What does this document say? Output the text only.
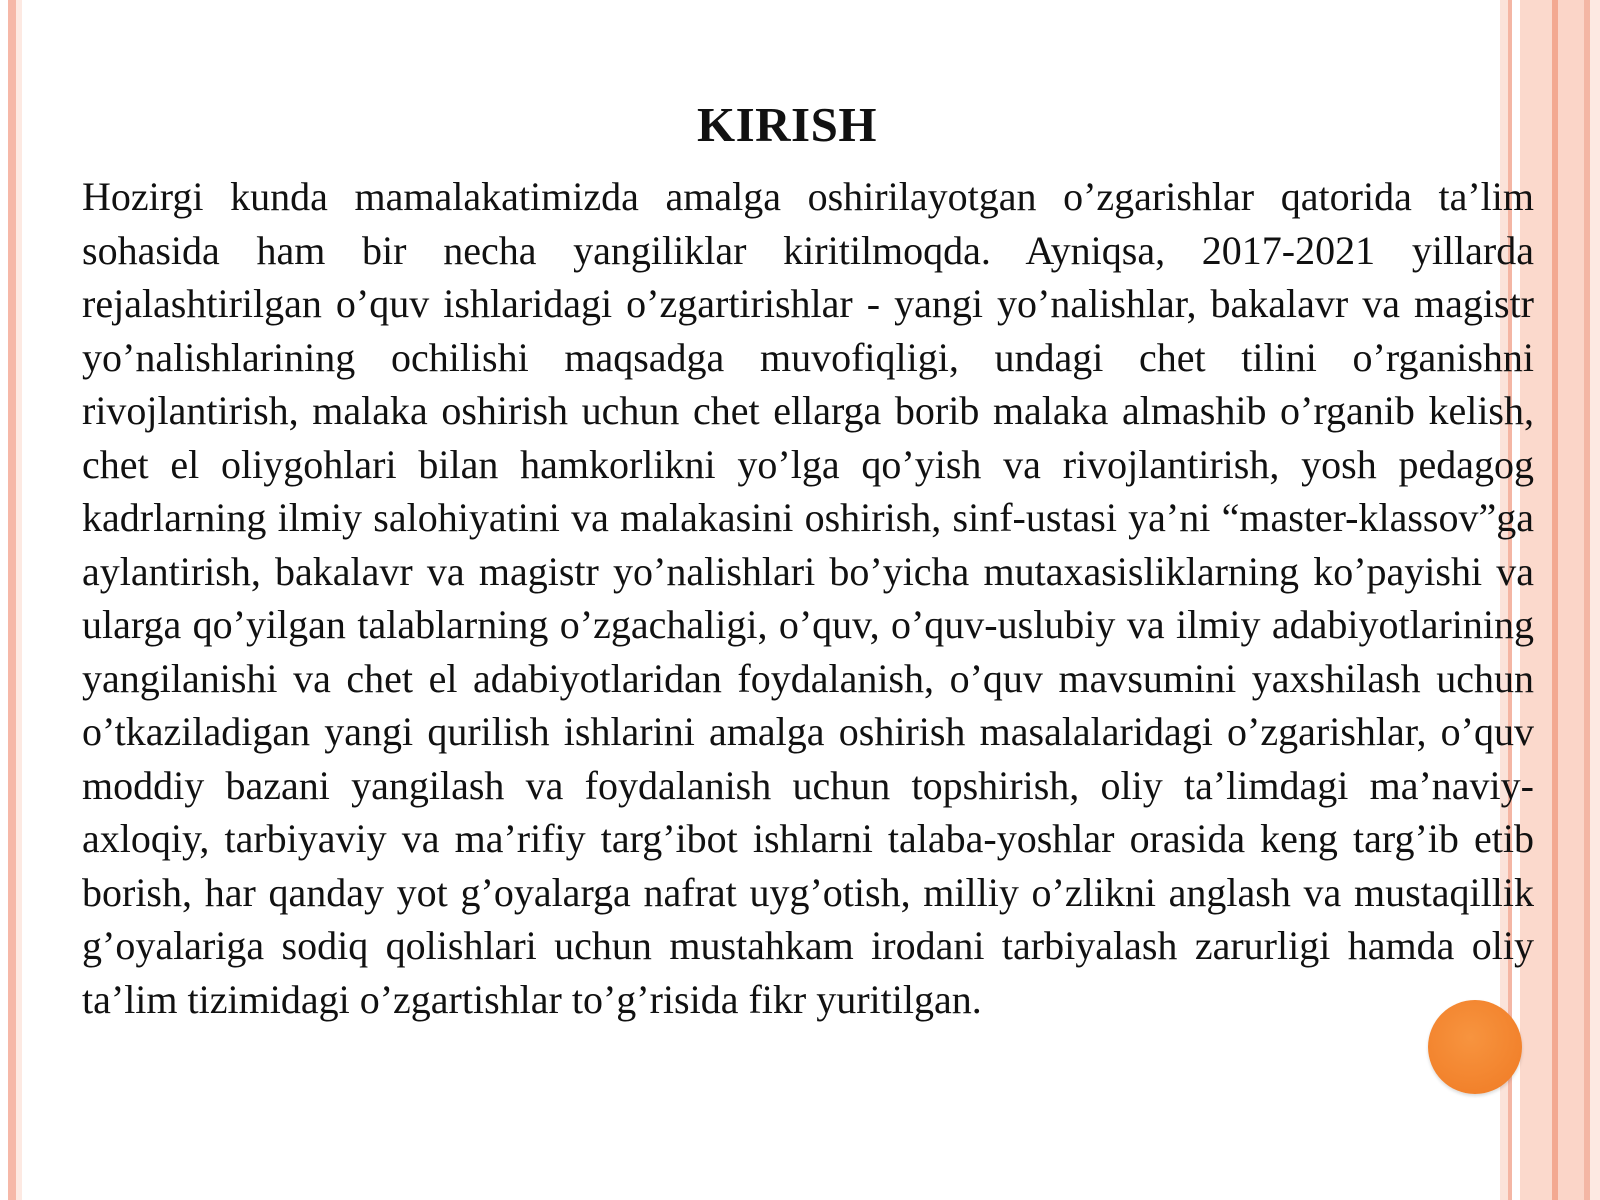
KIRISH
Hozirgi kunda mamalakatimizda amalga oshirilayotgan o’zgarishlar qatorida ta’lim sohasida ham bir necha yangiliklar kiritilmoqda. Ayniqsa, 2017-2021 yillarda rejalashtirilgan o’quv ishlaridagi o’zgartirishlar - yangi yo’nalishlar, bakalavr va magistr yo’nalishlarining ochilishi maqsadga muvofiqligi, undagi chet tilini o’rganishni rivojlantirish, malaka oshirish uchun chet ellarga borib malaka almashib o’rganib kelish, chet el oliygohlari bilan hamkorlikni yo’lga qo’yish va rivojlantirish, yosh pedagog kadrlarning ilmiy salohiyatini va malakasini oshirish, sinf-ustasi ya’ni “master-klassov”ga aylantirish, bakalavr va magistr yo’nalishlari bo’yicha mutaxasisliklarning ko’payishi va ularga qo’yilgan talablarning o’zgachaligi, o’quv, o’quv-uslubiy va ilmiy adabiyotlarining yangilanishi va chet el adabiyotlaridan foydalanish, o’quv mavsumini yaxshilash uchun o’tkaziladigan yangi qurilish ishlarini amalga oshirish masalalaridagi o’zgarishlar, o’quv moddiy bazani yangilash va foydalanish uchun topshirish, oliy ta’limdagi ma’naviy-axloqiy, tarbiyaviy va ma’rifiy targ’ibot ishlarni talaba-yoshlar orasida keng targ’ib etib borish, har qanday yot g’oyalarga nafrat uyg’otish, milliy o’zlikni anglash va mustaqillik g’oyalariga sodiq qolishlari uchun mustahkam irodani tarbiyalash zarurligi hamda oliy ta’lim tizimidagi o’zgartishlar to’g’risida fikr yuritilgan.
